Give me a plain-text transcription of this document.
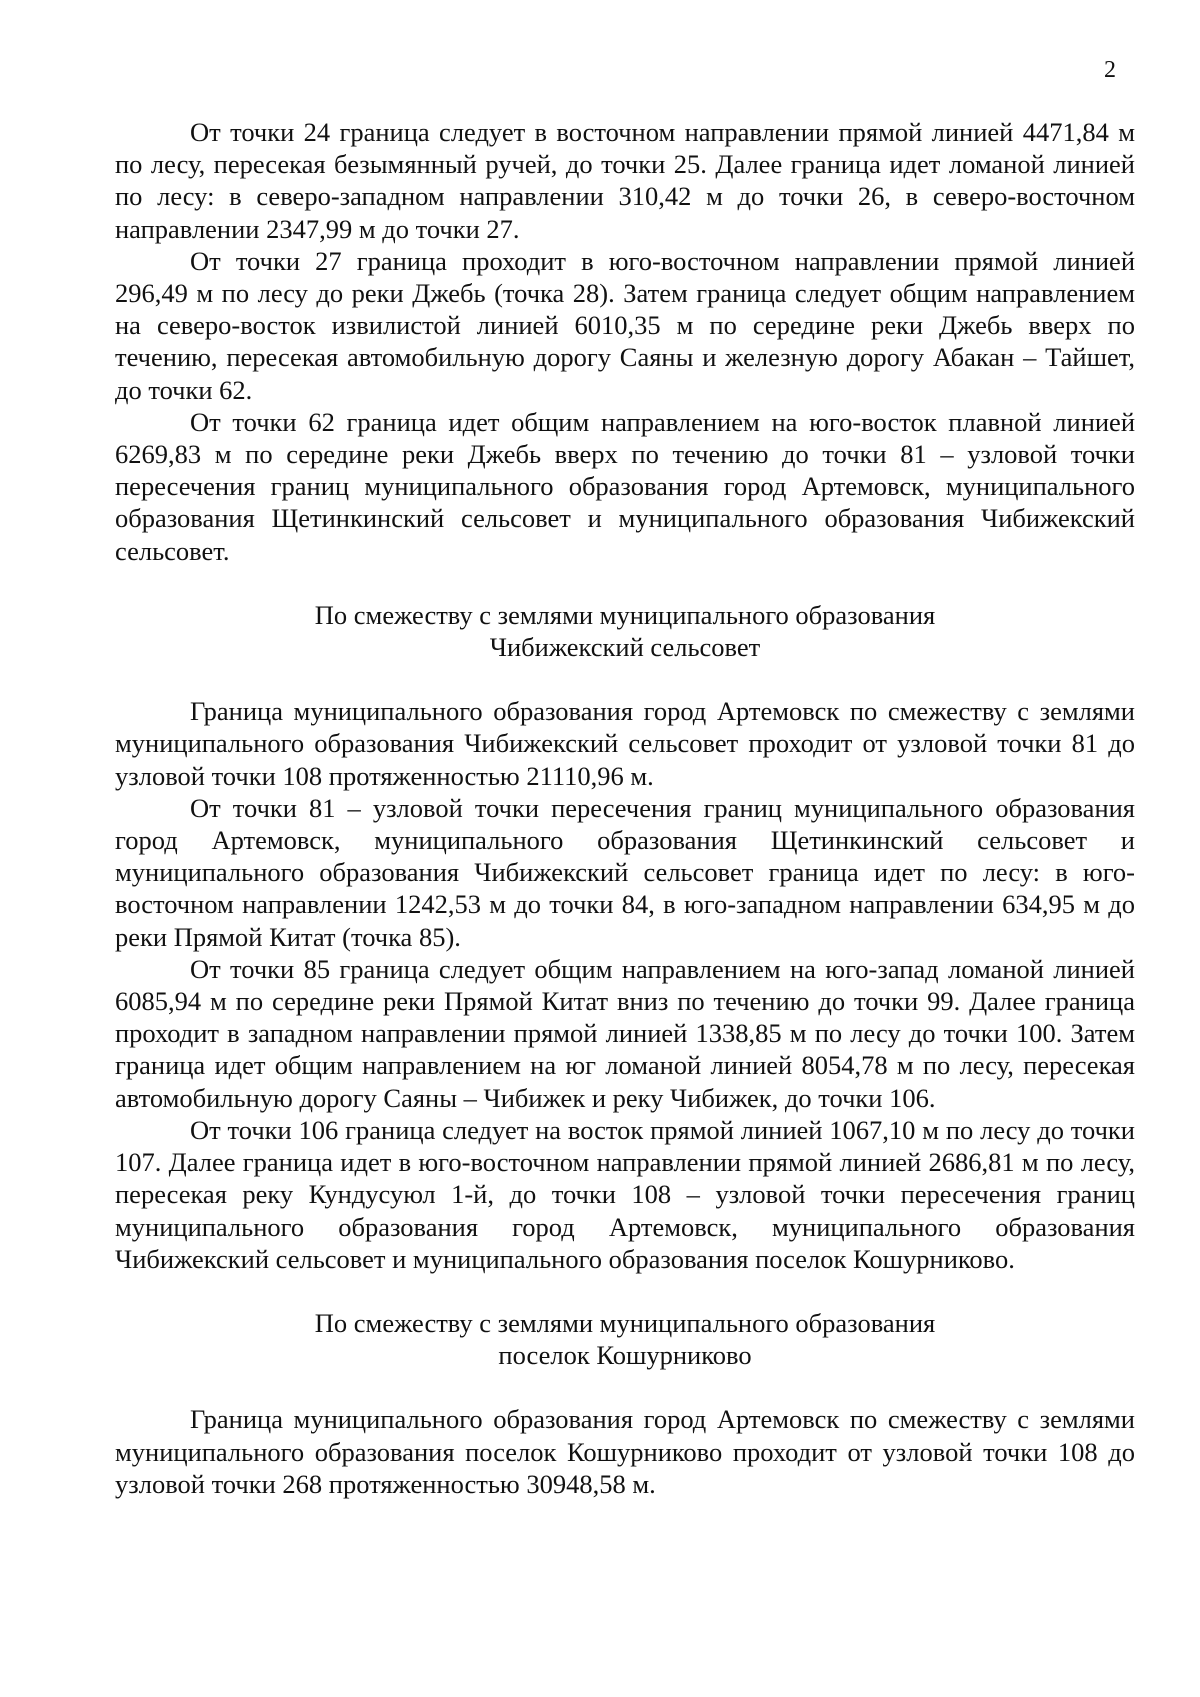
2

От точки 24 граница следует в восточном направлении прямой линией 4471,84 м по лесу, пересекая безымянный ручей, до точки 25. Далее граница идет ломаной линией по лесу: в северо-западном направлении 310,42 м до точки 26, в северо-восточном направлении 2347,99 м до точки 27.

От точки 27 граница проходит в юго-восточном направлении прямой линией 296,49 м по лесу до реки Джебь (точка 28). Затем граница следует общим направлением на северо-восток извилистой линией 6010,35 м по середине реки Джебь вверх по течению, пересекая автомобильную дорогу Саяны и железную дорогу Абакан – Тайшет, до точки 62.

От точки 62 граница идет общим направлением на юго-восток плавной линией 6269,83 м по середине реки Джебь вверх по течению до точки 81 – узловой точки пересечения границ муниципального образования город Артемовск, муниципального образования Щетинкинский сельсовет и муниципального образования Чибижекский сельсовет.

По смежеству с землями муниципального образования

Чибижекский сельсовет

Граница муниципального образования город Артемовск по смежеству с землями муниципального образования Чибижекский сельсовет проходит от узловой точки 81 до узловой точки 108 протяженностью 21110,96 м.

От точки 81 – узловой точки пересечения границ муниципального образования город Артемовск, муниципального образования Щетинкинский сельсовет и муниципального образования Чибижекский сельсовет граница идет по лесу: в юго-восточном направлении 1242,53 м до точки 84, в юго-западном направлении 634,95 м до реки Прямой Китат (точка 85).

От точки 85 граница следует общим направлением на юго-запад ломаной линией 6085,94 м по середине реки Прямой Китат вниз по течению до точки 99. Далее граница проходит в западном направлении прямой линией 1338,85 м по лесу до точки 100. Затем граница идет общим направлением на юг ломаной линией 8054,78 м по лесу, пересекая автомобильную дорогу Саяны – Чибижек и реку Чибижек, до точки 106.

От точки 106 граница следует на восток прямой линией 1067,10 м по лесу до точки 107. Далее граница идет в юго-восточном направлении прямой линией 2686,81 м по лесу, пересекая реку Кундусуюл 1-й, до точки 108 – узловой точки пересечения границ муниципального образования город Артемовск, муниципального образования Чибижекский сельсовет и муниципального образования поселок Кошурниково.

По смежеству с землями муниципального образования

поселок Кошурниково

Граница муниципального образования город Артемовск по смежеству с землями муниципального образования поселок Кошурниково проходит от узловой точки 108 до узловой точки 268 протяженностью 30948,58 м.
